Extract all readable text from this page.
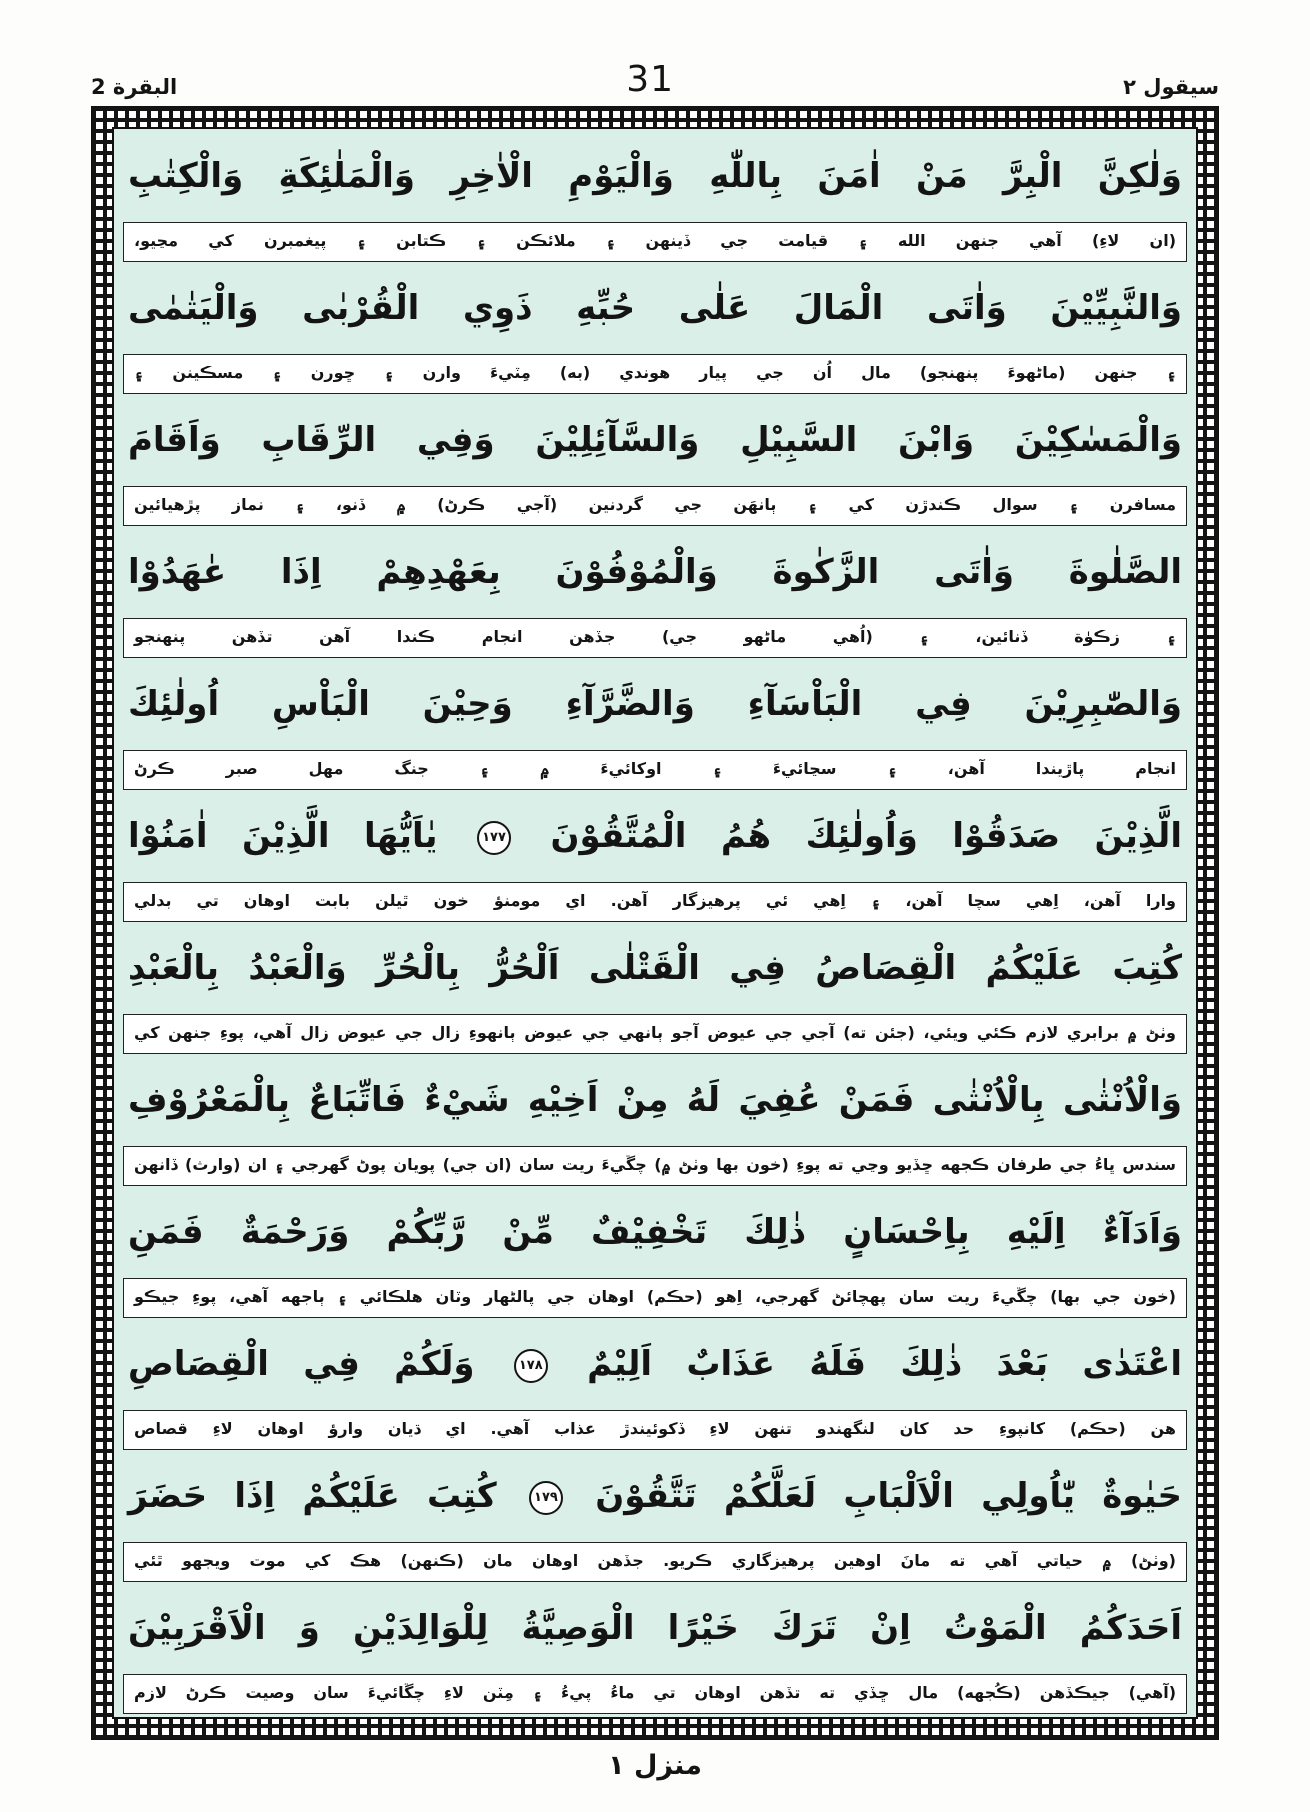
البقرة 2	31	سيقول ۲
وَلٰكِنَّ الْبِرَّ مَنْ اٰمَنَ بِاللّٰهِ وَالْيَوْمِ الْاٰخِرِ وَالْمَلٰئِكَةِ وَالْكِتٰبِ
(ان لاءِ) آهي جنهن الله ۽ قيامت جي ڏينهن ۽ ملائڪن ۽ ڪتابن ۽ پيغمبرن کي مڃيو،
وَالنَّبِيِّيْنَ وَاٰتَى الْمَالَ عَلٰى حُبِّهِ ذَوِي الْقُرْبٰى وَالْيَتٰمٰى
۽ جنهن (ماڻهوءَ پنهنجو) مال اُن جي پيار هوندي (به) مِٽيءَ وارن ۽ ڇورن ۽ مسڪينن ۽
وَالْمَسٰكِيْنَ وَابْنَ السَّبِيْلِ وَالسَّآئِلِيْنَ وَفِي الرِّقَابِ وَاَقَامَ
مسافرن ۽ سوال ڪندڙن کي ۽ ٻانهَن جي گردنين (آجي ڪرڻ) ۾ ڏنو، ۽ نماز پڙهيائين
الصَّلٰوةَ وَاٰتَى الزَّكٰوةَ وَالْمُوْفُوْنَ بِعَهْدِهِمْ اِذَا عٰهَدُوْا
۽ زڪوٰة ڏنائين، ۽ (اُهي ماڻهو جي) جڏهن انجام ڪندا آهن تڏهن پنهنجو
وَالصّٰبِرِيْنَ فِي الْبَاْسَآءِ وَالضَّرَّآءِ وَحِيْنَ الْبَاْسِ اُولٰئِكَ
انجام پاڙيندا آهن، ۽ سڃائيءَ ۽ اوکائيءَ ۾ ۽ جنگ مهل صبر ڪرڻ
الَّذِيْنَ صَدَقُوْا وَاُولٰئِكَ هُمُ الْمُتَّقُوْنَ ١٧٧ يٰاَيُّهَا الَّذِيْنَ اٰمَنُوْا
وارا آهن، اِهي سچا آهن، ۽ اِهي ئي پرهيزگار آهن. اي مومنؤ خون ٿيلن بابت اوهان تي بدلي
كُتِبَ عَلَيْكُمُ الْقِصَاصُ فِي الْقَتْلٰى اَلْحُرُّ بِالْحُرِّ وَالْعَبْدُ بِالْعَبْدِ
وٺڻ ۾ برابري لازم ڪئي ويئي، (جئن ته) آجي جي عيوض آجو ٻانهي جي عيوض ٻانهوءِ زال جي عيوض زال آهي، پوءِ جنهن کي
وَالْاُنْثٰى بِالْاُنْثٰى فَمَنْ عُفِيَ لَهُ مِنْ اَخِيْهِ شَيْءٌ فَاتِّبَاعٌ بِالْمَعْرُوْفِ
سندس ڀاءُ جي طرفان ڪجهه ڇڏيو وڃي ته پوءِ (خون بها وٺڻ ۾) چڱيءَ ريت سان (ان جي) پويان پوڻ گهرجي ۽ ان (وارث) ڏانهن
وَاَدَآءٌ اِلَيْهِ بِاِحْسَانٍ ذٰلِكَ تَخْفِيْفٌ مِّنْ رَّبِّكُمْ وَرَحْمَةٌ فَمَنِ
(خون جي بها) چڱيءَ ريت سان پهچائڻ گهرجي، اِهو (حڪم) اوهان جي پالڻهار وٽان هلڪائي ۽ ٻاجهه آهي، پوءِ جيڪو
اعْتَدٰى بَعْدَ ذٰلِكَ فَلَهُ عَذَابٌ اَلِيْمٌ ١٧٨ وَلَكُمْ فِي الْقِصَاصِ
هن (حڪم) کانپوءِ حد کان لنگهندو تنهن لاءِ ڏکوئيندڙ عذاب آهي. اي ڌيان وارؤ اوهان لاءِ قصاص
حَيٰوةٌ يّٰاُولِي الْاَلْبَابِ لَعَلَّكُمْ تَتَّقُوْنَ ١٧٩ كُتِبَ عَلَيْكُمْ اِذَا حَضَرَ
(وٺڻ) ۾ حياتي آهي ته مانَ اوهين پرهيزگاري ڪريو. جڏهن اوهان مان (ڪنهن) هڪ کي موت ويجهو ٿئي
اَحَدَكُمُ الْمَوْتُ اِنْ تَرَكَ خَيْرًا الْوَصِيَّةُ لِلْوَالِدَيْنِ وَ الْاَقْرَبِيْنَ
(آهي) جيڪڏهن (ڪُجهه) مال ڇڏي ته تڏهن اوهان تي ماءُ پيءُ ۽ مِٽن لاءِ چڱائيءَ سان وصيت ڪرڻ لازم
منزل ١
